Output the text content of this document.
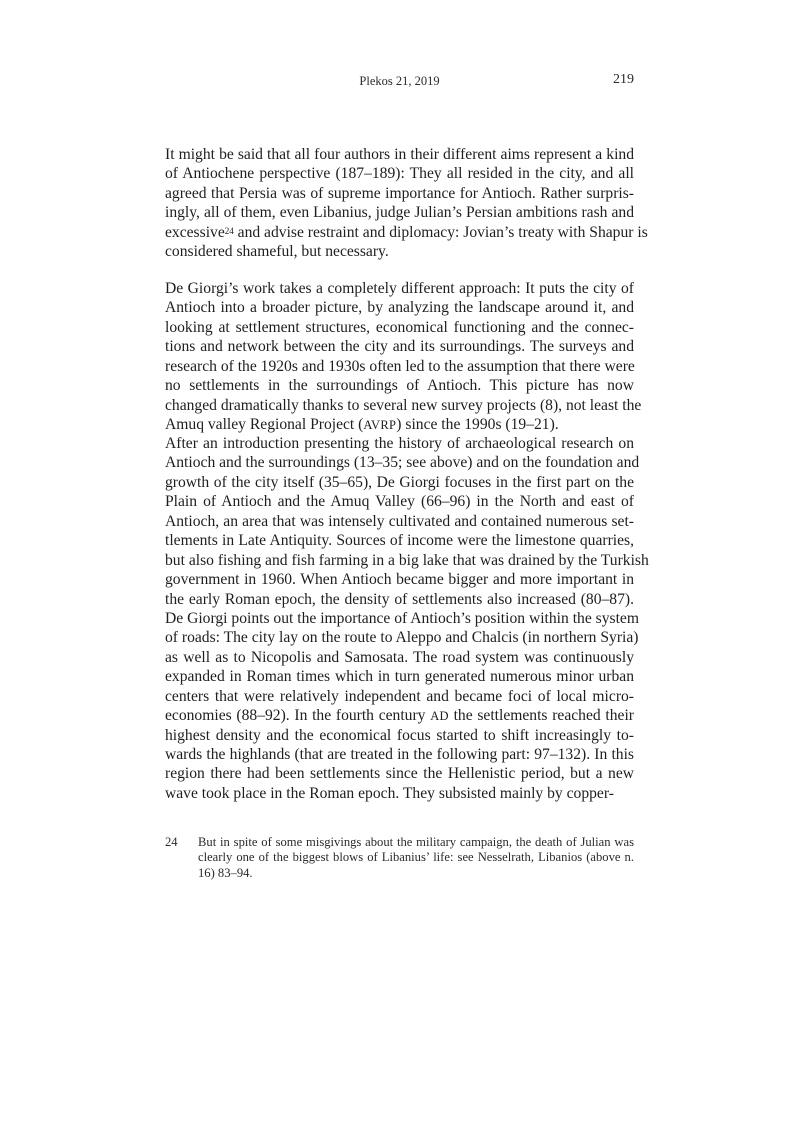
Plekos 21, 2019	219
It might be said that all four authors in their different aims represent a kind
of Antiochene perspective (187–189): They all resided in the city, and all
agreed that Persia was of supreme importance for Antioch. Rather surpris-
ingly, all of them, even Libanius, judge Julian’s Persian ambitions rash and
excessive$^{24}$ and advise restraint and diplomacy: Jovian’s treaty with Shapur is
considered shameful, but necessary.
De Giorgi’s work takes a completely different approach: It puts the city of
Antioch into a broader picture, by analyzing the landscape around it, and
looking at settlement structures, economical functioning and the connec-
tions and network between the city and its surroundings. The surveys and
research of the 1920s and 1930s often led to the assumption that there were
no settlements in the surroundings of Antioch. This picture has now
changed dramatically thanks to several new survey projects (8), not least the
Amuq valley Regional Project (AVRP) since the 1990s (19–21).
After an introduction presenting the history of archaeological research on
Antioch and the surroundings (13–35; see above) and on the foundation and
growth of the city itself (35–65), De Giorgi focuses in the first part on the
Plain of Antioch and the Amuq Valley (66–96) in the North and east of
Antioch, an area that was intensely cultivated and contained numerous set-
tlements in Late Antiquity. Sources of income were the limestone quarries,
but also fishing and fish farming in a big lake that was drained by the Turkish
government in 1960. When Antioch became bigger and more important in
the early Roman epoch, the density of settlements also increased (80–87).
De Giorgi points out the importance of Antioch’s position within the system
of roads: The city lay on the route to Aleppo and Chalcis (in northern Syria)
as well as to Nicopolis and Samosata. The road system was continuously
expanded in Roman times which in turn generated numerous minor urban
centers that were relatively independent and became foci of local micro-
economies (88–92). In the fourth century AD the settlements reached their
highest density and the economical focus started to shift increasingly to-
wards the highlands (that are treated in the following part: 97–132). In this
region there had been settlements since the Hellenistic period, but a new
wave took place in the Roman epoch. They subsisted mainly by copper-
24 But in spite of some misgivings about the military campaign, the death of Julian was
clearly one of the biggest blows of Libanius’ life: see Nesselrath, Libanios (above n.
16) 83–94.
